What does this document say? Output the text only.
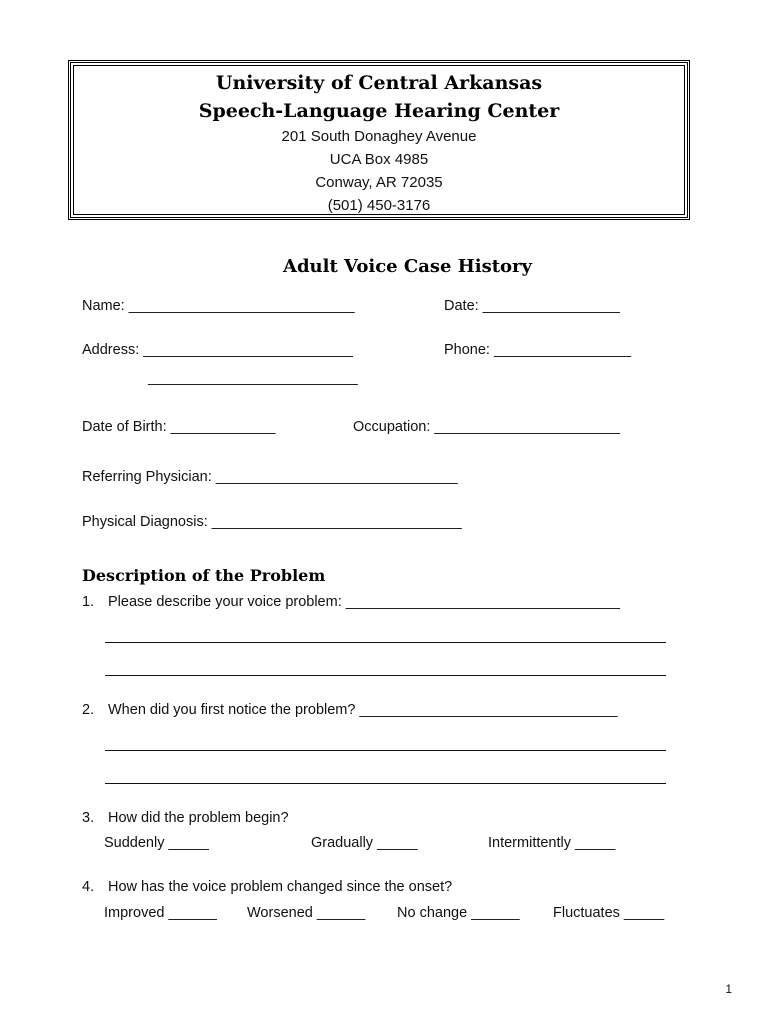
University of Central Arkansas
Speech-Language Hearing Center
201 South Donaghey Avenue
UCA Box 4985
Conway, AR 72035
(501) 450-3176
Adult Voice Case History
Name: ____________________________	Date: _________________
Address: __________________________	Phone: _________________
__________________________
Date of Birth: _____________	Occupation: _______________________
Referring Physician: ______________________________
Physical Diagnosis: _______________________________
Description of the Problem
1. Please describe your voice problem: __________________________________
2. When did you first notice the problem? ________________________________
3. How did the problem begin?
Suddenly _____	Gradually _____	Intermittently _____
4. How has the voice problem changed since the onset?
Improved ______ Worsened ______ No change ______ Fluctuates _____
1
